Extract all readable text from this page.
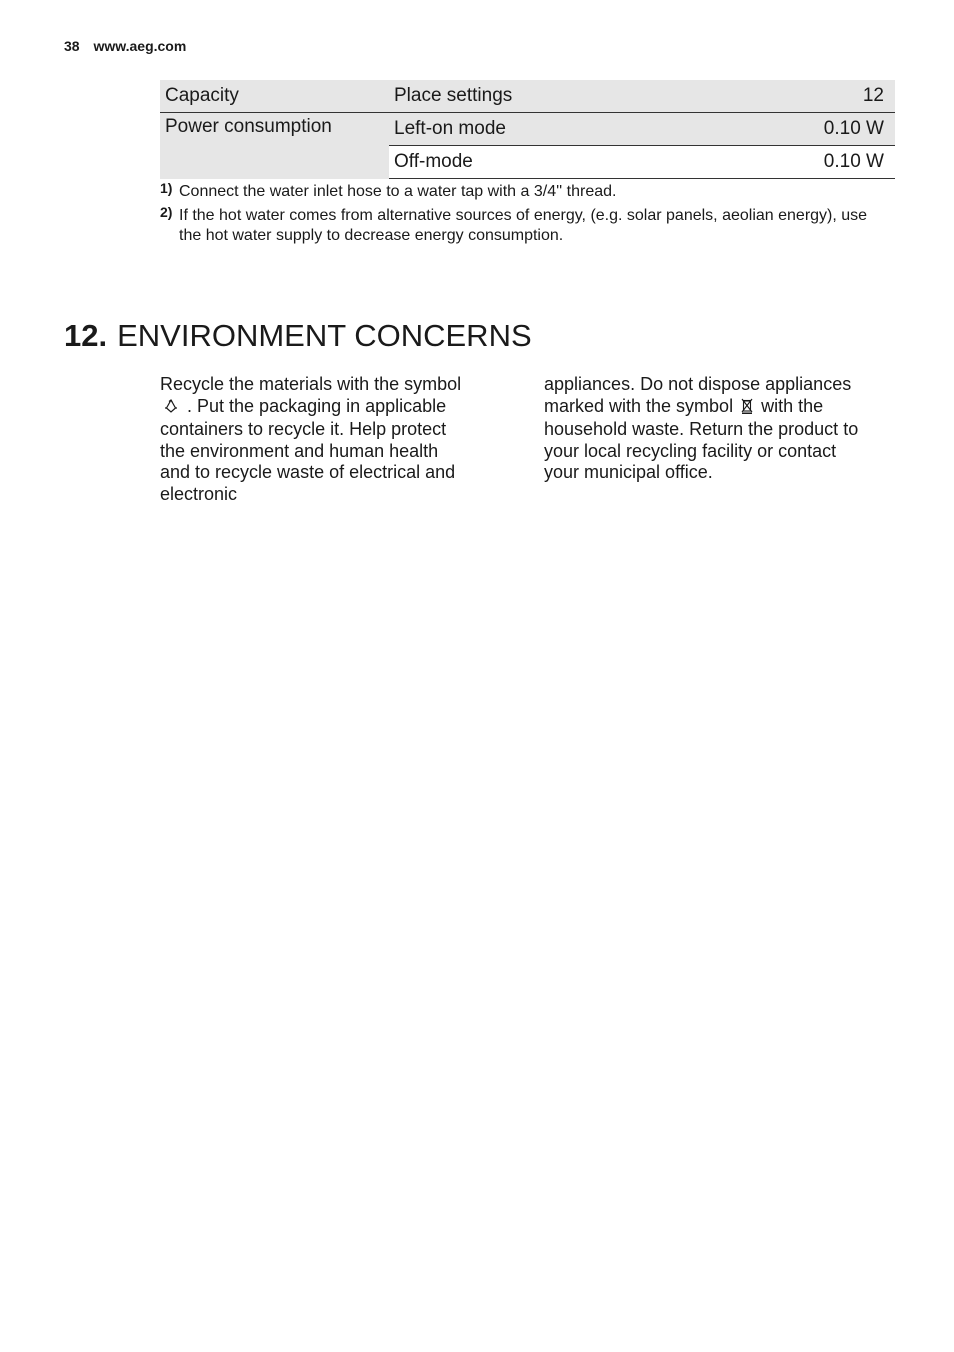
38 www.aeg.com
Capacity	Place settings	12
Power consumption	Left-on mode	0.10 W
	Off-mode	0.10 W
1) Connect the water inlet hose to a water tap with a 3/4'' thread.
2) If the hot water comes from alternative sources of energy, (e.g. solar panels, aeolian energy), use the hot water supply to decrease energy consumption.
12. ENVIRONMENT CONCERNS

Recycle the materials with the symbol  . Put the packaging in applicable containers to recycle it. Help protect the environment and human health and to recycle waste of electrical and electronic

appliances. Do not dispose appliances marked with the symbol with the household waste. Return the product to your local recycling facility or contact your municipal office.
